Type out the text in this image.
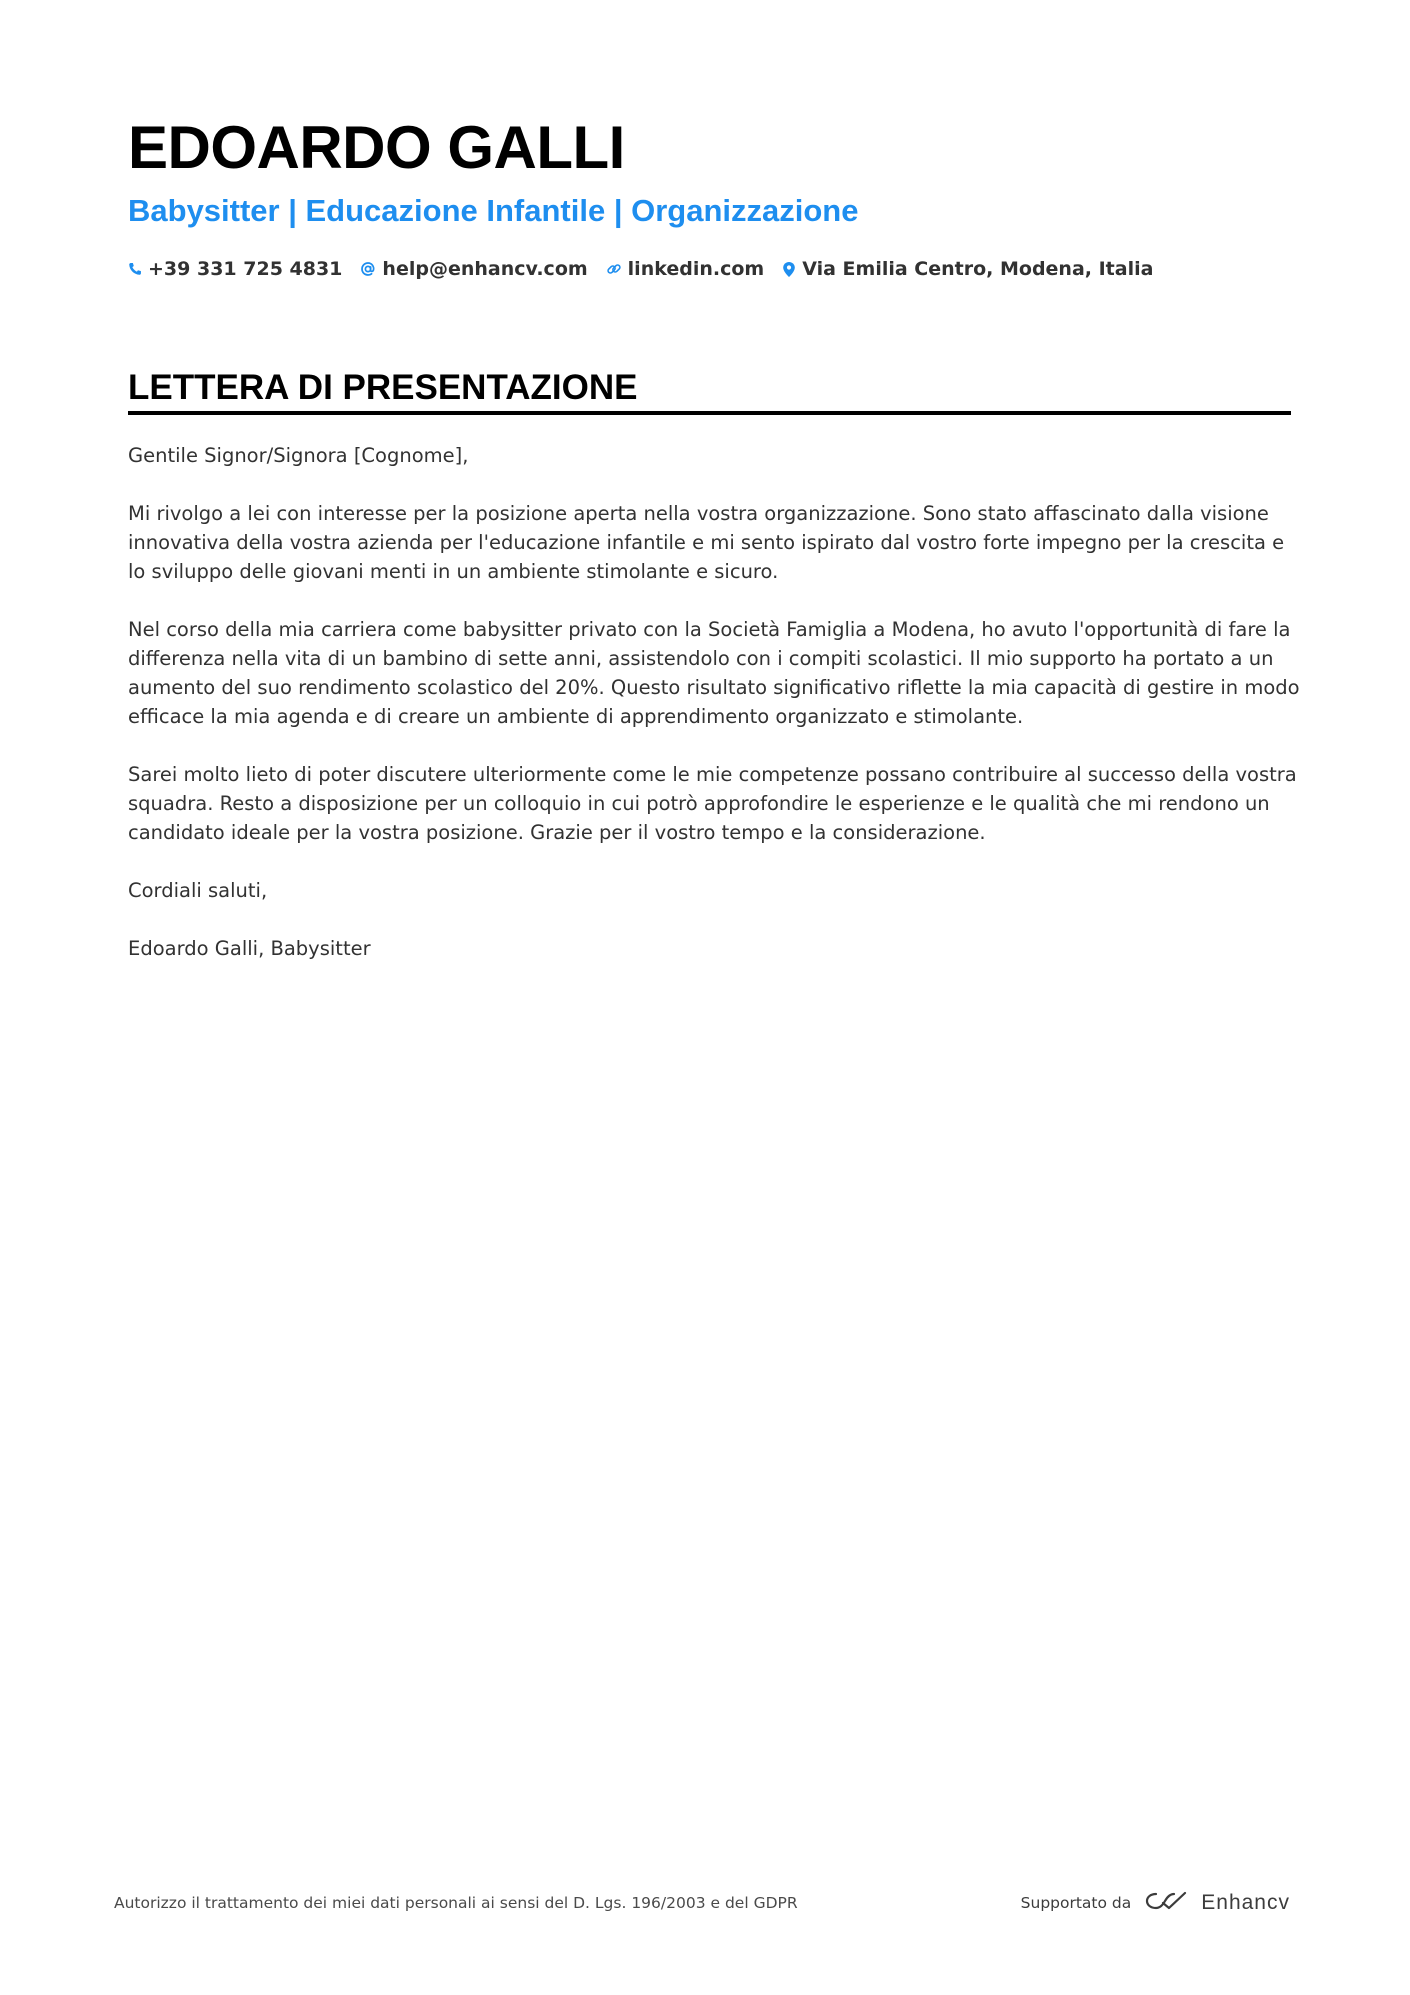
EDOARDO GALLI
Babysitter | Educazione Infantile | Organizzazione
+39 331 725 4831 help@enhancv.com linkedin.com Via Emilia Centro, Modena, Italia
LETTERA DI PRESENTAZIONE

Gentile Signor/Signora [Cognome],

Mi rivolgo a lei con interesse per la posizione aperta nella vostra organizzazione. Sono stato affascinato dalla visione innovativa della vostra azienda per l'educazione infantile e mi sento ispirato dal vostro forte impegno per la crescita e lo sviluppo delle giovani menti in un ambiente stimolante e sicuro.

Nel corso della mia carriera come babysitter privato con la Società Famiglia a Modena, ho avuto l'opportunità di fare la differenza nella vita di un bambino di sette anni, assistendolo con i compiti scolastici. Il mio supporto ha portato a un aumento del suo rendimento scolastico del 20%. Questo risultato significativo riflette la mia capacità di gestire in modo efficace la mia agenda e di creare un ambiente di apprendimento organizzato e stimolante.

Sarei molto lieto di poter discutere ulteriormente come le mie competenze possano contribuire al successo della vostra squadra. Resto a disposizione per un colloquio in cui potrò approfondire le esperienze e le qualità che mi rendono un candidato ideale per la vostra posizione. Grazie per il vostro tempo e la considerazione.

Cordiali saluti,

Edoardo Galli, Babysitter

Autorizzo il trattamento dei miei dati personali ai sensi del D. Lgs. 196/2003 e del GDPR	Supportato da	Enhancv
